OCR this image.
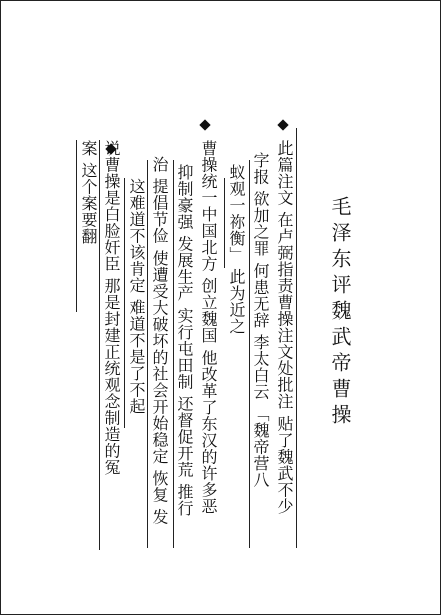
毛泽东评魏武帝曹操
此篇注文 在卢弼指责曹操注文处批注 贴了魏武不少
字报 欲加之罪 何患无辞 李太白云 「魏帝营八
蚁观一祢衡」 此为近之
曹操统一中国北方 创立魏国 他改革了东汉的许多恶
抑制豪强 发展生产 实行屯田制 还督促开荒 推行
治 提倡节俭 使遭受大破坏的社会开始稳定 恢复 发
这难道不该肯定 难道不是了不起
说曹操是白脸奸臣 那是封建正统观念制造的冤
案 这个案要翻
